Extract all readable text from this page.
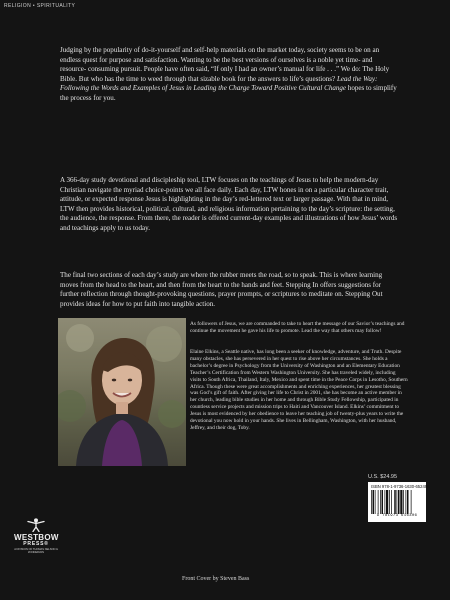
RELIGION • SPIRITUALITY

Judging by the popularity of do-it-yourself and self-help materials on the market today, society seems to be on an endless quest for purpose and satisfaction. Wanting to be the best versions of ourselves is a noble yet time- and resource- consuming pursuit. People have often said, “If only I had an owner’s manual for life . . .” We do: The Holy Bible. But who has the time to weed through that sizable book for the answers to life’s questions? Lead the Way: Following the Words and Examples of Jesus in Leading the Charge Toward Positive Cultural Change hopes to simplify the process for you.

A 366-day study devotional and discipleship tool, LTW focuses on the teachings of Jesus to help the modern-day Christian navigate the myriad choice-points we all face daily. Each day, LTW hones in on a particular character trait, attitude, or expected response Jesus is highlighting in the day’s red-lettered text or larger passage. With that in mind, LTW then provides historical, political, cultural, and religious information pertaining to the day’s scripture: the setting, the audience, the response. From there, the reader is offered current-day examples and illustrations of how Jesus’ words and teachings apply to us today.

The final two sections of each day’s study are where the rubber meets the road, so to speak. This is where learning moves from the head to the heart, and then from the heart to the hands and feet. Stepping In offers suggestions for further reflection through thought-provoking questions, prayer prompts, or scriptures to meditate on. Stepping Out provides ideas for how to put faith into tangible action.

As followers of Jesus, we are commanded to take to heart the message of our Savior’s teachings and continue the movement he gave his life to promote. Lead the way that others may follow!

Elaine Elkins, a Seattle native, has long been a seeker of knowledge, adventure, and Truth. Despite many obstacles, she has persevered in her quest to rise above her circumstances. She holds a bachelor’s degree in Psychology from the University of Washington and an Elementary Education Teacher’s Certification from Western Washington University. She has traveled widely, including visits to South Africa, Thailand, Italy, Mexico and spent time in the Peace Corps in Lesotho, Southern Africa. Though these were great accomplishments and enriching experiences, her greatest blessing was God’s gift of faith. After giving her life to Christ in 2001, she has become an active member in her church, leading bible studies in her home and through Bible Study Fellowship, participated in countless service projects and mission trips to Haiti and Vancouver Island. Elkins’ commitment to Jesus is most evidenced by her obedience to leave her teaching job of twenty-plus years to write the devotional you now hold in your hands. She lives in Bellingham, Washington, with her husband, Jeffrey, and their dog, Toby.

U.S. $24.95
ISBN 978-1-9736-1630-6 52495
9 781973 616306
WESTBOW
PRESS®
A DIVISION OF THOMAS NELSON & ZONDERVAN
Front Cover by Steven Bass
